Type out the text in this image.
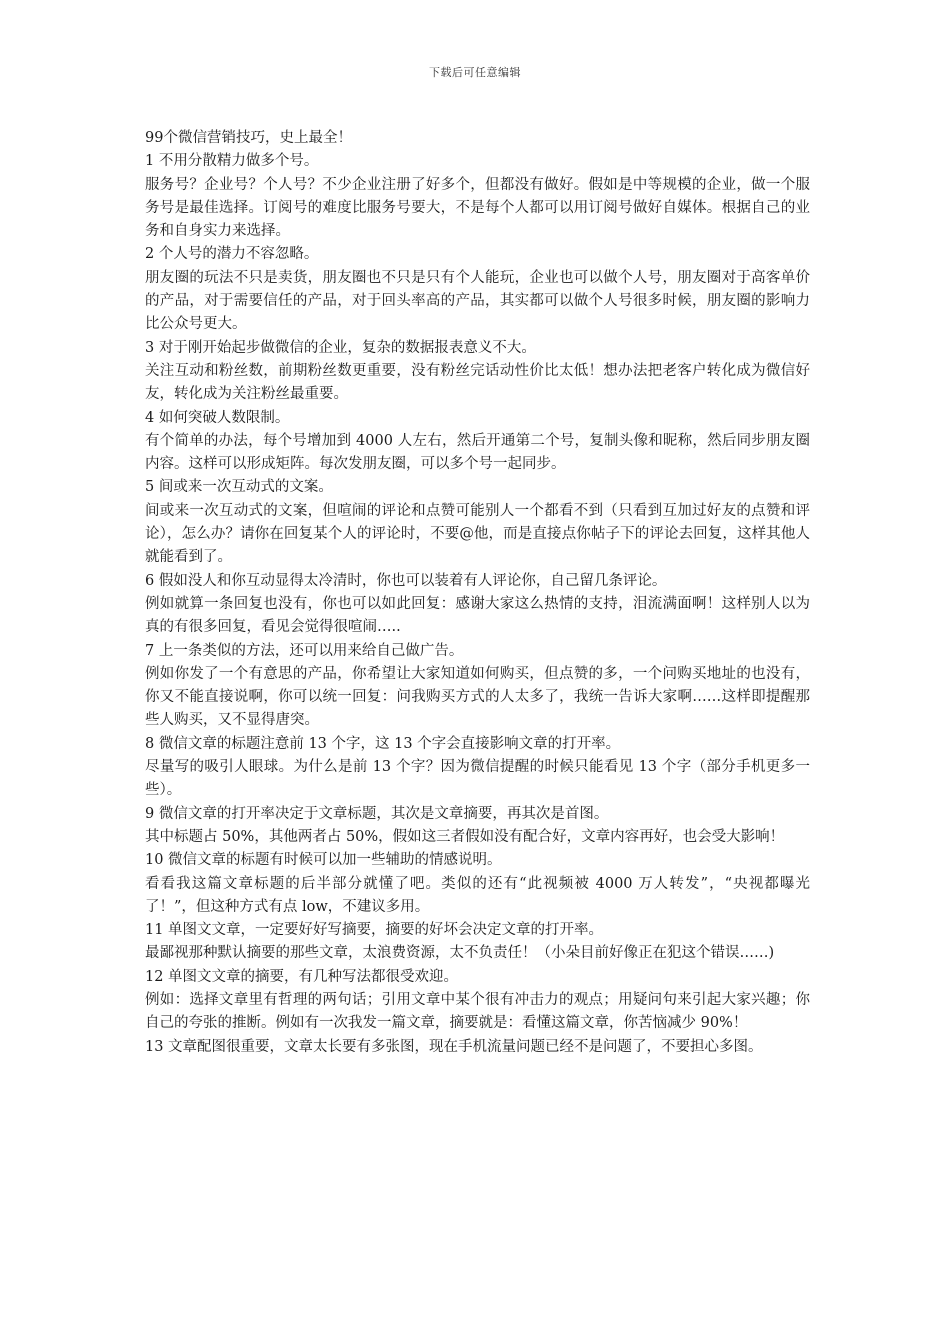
下载后可任意编辑

99个微信营销技巧，史上最全！

1 不用分散精力做多个号。

服务号？企业号？个人号？不少企业注册了好多个，但都没有做好。假如是中等规模的企业，做一个服务号是最佳选择。订阅号的难度比服务号要大，不是每个人都可以用订阅号做好自媒体。根据自己的业务和自身实力来选择。

2 个人号的潜力不容忽略。

朋友圈的玩法不只是卖货，朋友圈也不只是只有个人能玩，企业也可以做个人号，朋友圈对于高客单价的产品，对于需要信任的产品，对于回头率高的产品，其实都可以做个人号很多时候，朋友圈的影响力比公众号更大。

3 对于刚开始起步做微信的企业，复杂的数据报表意义不大。

关注互动和粉丝数，前期粉丝数更重要，没有粉丝完话动性价比太低！想办法把老客户转化成为微信好友，转化成为关注粉丝最重要。

4 如何突破人数限制。

有个简单的办法，每个号增加到 4000 人左右，然后开通第二个号，复制头像和昵称，然后同步朋友圈内容。这样可以形成矩阵。每次发朋友圈，可以多个号一起同步。

5 间或来一次互动式的文案。

间或来一次互动式的文案，但喧闹的评论和点赞可能别人一个都看不到（只看到互加过好友的点赞和评论），怎么办？请你在回复某个人的评论时，不要@他，而是直接点你帖子下的评论去回复，这样其他人就能看到了。

6 假如没人和你互动显得太冷清时，你也可以装着有人评论你，自己留几条评论。

例如就算一条回复也没有，你也可以如此回复：感谢大家这么热情的支持，泪流满面啊！这样别人以为真的有很多回复，看见会觉得很喧闹…..

7 上一条类似的方法，还可以用来给自己做广告。

例如你发了一个有意思的产品，你希望让大家知道如何购买，但点赞的多，一个问购买地址的也没有，你又不能直接说啊，你可以统一回复：问我购买方式的人太多了，我统一告诉大家啊……这样即提醒那些人购买，又不显得唐突。

8 微信文章的标题注意前 13 个字，这 13 个字会直接影响文章的打开率。

尽量写的吸引人眼球。为什么是前 13 个字？因为微信提醒的时候只能看见 13 个字（部分手机更多一些）。

9 微信文章的打开率决定于文章标题，其次是文章摘要，再其次是首图。

其中标题占 50%，其他两者占 50%，假如这三者假如没有配合好，文章内容再好，也会受大影响！

10 微信文章的标题有时候可以加一些辅助的情感说明。

看看我这篇文章标题的后半部分就懂了吧。类似的还有“此视频被 4000 万人转发”，“央视都曝光了！”，但这种方式有点 low，不建议多用。

11 单图文文章，一定要好好写摘要，摘要的好坏会决定文章的打开率。

最鄙视那种默认摘要的那些文章，太浪费资源，太不负责任！（小朵目前好像正在犯这个错误……)

12 单图文文章的摘要，有几种写法都很受欢迎。

例如：选择文章里有哲理的两句话；引用文章中某个很有冲击力的观点；用疑问句来引起大家兴趣；你自己的夸张的推断。例如有一次我发一篇文章，摘要就是：看懂这篇文章，你苦恼减少 90%！

13 文章配图很重要，文章太长要有多张图，现在手机流量问题已经不是问题了，不要担心多图。
